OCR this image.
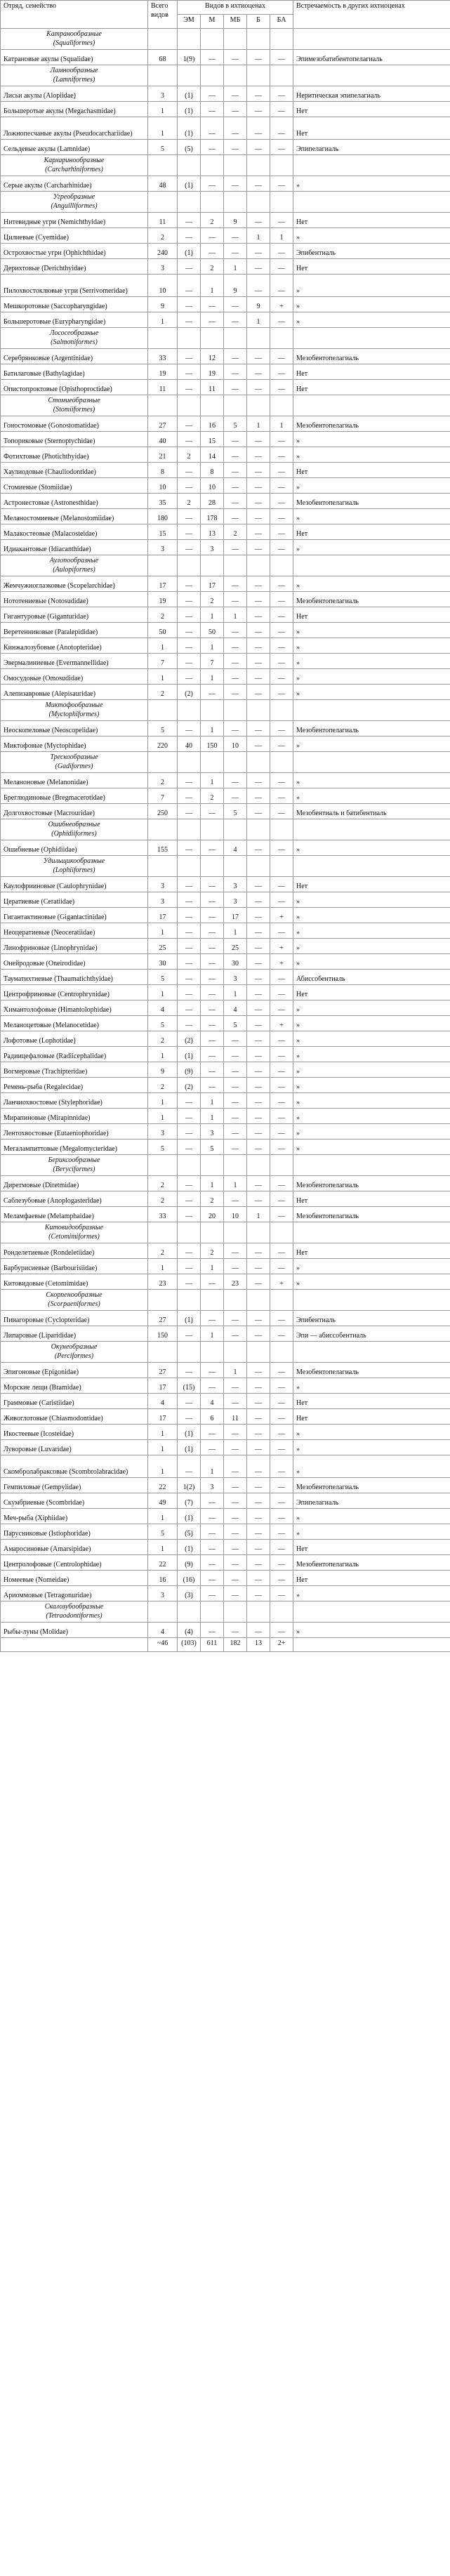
Отряд, семейство	Всего видов	Видов в ихтиоценах					Встречаемость в других ихтиоценах
		ЭМ	М	МБ	Б	БА	

Катранообразные
(Squaliformes)							

Катрановые акулы (Squalidae)	68	1(9)	—	—	—	—	Эпимезобатибентопелагиаль

Ламнообразные
(Lamniformes)							

Лисьи акулы (Alopiidae)	3	(1)	—	—	—	—	Неритическая эпипелагиаль
Большеротые акулы (Megachasmidae)	1	(1)	—	—	—	—	Нет
Ложнопесчаные акулы (Pseudocarchariidae)	1	(1)	—	—	—	—	Нет
Сельдевые акулы (Lamnidae)	5	(5)	—	—	—	—	Эпипелагиаль

Кархаринообразные
(Carcharhiniformes)							

Серые акулы (Carcharhinidae)	48	(1)	—	—	—	—	»

Угреобразные
(Anguilliformes)							

Нитевидные угри (Nemichthyidae)	11	—	2	9	—	—	Нет
Цилиевые (Cyemidae)	2	—	—	—	1	1	»
Острохвостые угри (Ophichthidae)	240	(1)	—	—	—	—	Эпибентиаль
Дерихтовые (Derichthyidae)	3	—	2	1	—	—	Нет
Пилохвостоклювые угри (Serrivomeridae)	10	—	1	9	—	—	»
Мешкоротовые (Saccopharyngidae)	9	—	—	—	9	+	»
Большеротовые (Eurypharyngidae)	1	—	—	—	1	—	»

Лососеобразные
(Salmoniformes)							

Серебрянковые (Argentinidae)	33	—	12	—	—	—	Мезобентопелагиаль
Батилаговые (Bathylagidae)	19	—	19	—	—	—	Нет
Опистопроктовые (Opisthoproctidae)	11	—	11	—	—	—	Нет

Стомиеобразные
(Stomiiformes)							

Гоностомовые (Gonostomatidae)	27	—	16	5	1	1	Мезобентопелагиаль
Топориковые (Sternoptychidae)	40	—	15	—	—	—	»
Фотихтовые (Photichthyidae)	21	2	14	—	—	—	»
Хаулиодовые (Chauliodontidae)	8	—	8	—	—	—	Нет
Стомиевые (Stomiidae)	10	—	10	—	—	—	»
Астронестовые (Astronesthidae)	35	2	28	—	—	—	Мезобентопелагиаль
Меланостомиевые (Melanostomiidae)	180	—	178	—	—	—	»
Малакостеовые (Malacosteidae)	15	—	13	2	—	—	Нет
Идиакантовые (Idiacanthidae)	3	—	3	—	—	—	»

Аулопообразные
(Aulopiformes)							

Жемчужноглазковые (Scopelarchidae)	17	—	17	—	—	—	»
Нототениевые (Notosudidae)	19	—	2	—	—	—	Мезобентопелагиаль
Гигантуровые (Giganturidae)	2	—	1	1	—	—	Нет
Веретенниковые (Paralepididae)	50	—	50	—	—	—	»
Кинжалозубовые (Anotopteridae)	1	—	1	—	—	—	»
Эвермалиниевые (Evermannellidae)	7	—	7	—	—	—	»
Омосудовые (Omosudidae)	1	—	1	—	—	—	»
Алепизавровые (Alepisauridae)	2	(2)	—	—	—	—	»

Миктофообразные
(Myctophiformes)							

Неоскопеловые (Neoscopelidae)	5	—	1	—	—	—	Мезобентопелагиаль
Миктофовые (Myctophidae)	220	40	150	10	—	—	»

Трескообразные
(Gadiformes)							

Меланоновые (Melanonidae)	2	—	1	—	—	—	»
Бреглюдиновые (Bregmacerotidae)	7	—	2	—	—	—	»
Долгохвостовые (Macrouridae)	250	—	—	5	—	—	Мезобентиаль и батибентиаль

Ошибнеобразные
(Ophidiiformes)							

Ошибневые (Ophidiidae)	155	—	—	4	—	—	»

Удильщикообразные
(Lophiiformes)							

Каулофрииновые (Caulophrynidae)	3	—	—	3	—	—	Нет
Цератиевые (Ceratiidae)	3	—	—	3	—	—	»
Гигантактиновые (Gigantactinidae)	17	—	—	17	—	+	»
Неоцератиевые (Neoceratiidae)	1	—	—	1	—	—	»
Линофриновые (Linophrynidae)	25	—	—	25	—	+	»
Онейродовые (Oneirodidae)	30	—	—	30	—	+	»
Тауматихтиевые (Thaumatichthyidae)	5	—	—	3	—	—	Абиссобентиаль
Центрофриновые (Centrophrynidae)	1	—	—	1	—	—	Нет
Химантолофовые (Himantolophidae)	4	—	—	4	—	—	»
Меланоцетовые (Melanocetidae)	5	—	—	5	—	+	»
Лофотовые (Lophotidae)	2	(2)	—	—	—	—	»
Радиицефаловые (Radiicephalidae)	1	(1)	—	—	—	—	»
Вогмеровые (Trachipteridae)	9	(9)	—	—	—	—	»
Ремень-рыба (Regalecidae)	2	(2)	—	—	—	—	»
Ланчиохвостовые (Stylephoridae)	1	—	1	—	—	—	»
Мирапиновые (Mirapinnidae)	1	—	1	—	—	—	»
Лентохвостовые (Eutaeniophoridae)	3	—	3	—	—	—	»
Мегалампиттовые (Megalomycteridae)	5	—	5	—	—	—	»

Бериксообразные
(Beryciformes)							

Диретмовые (Diretmidae)	2	—	1	1	—	—	Мезобентопелагиаль
Саблезубовые (Anoplogasteridae)	2	—	2	—	—	—	Нет
Меламфаевые (Melamphaidae)	33	—	20	10	1	—	Мезобентопелагиаль

Китовидообразные
(Cetomimiformes)							

Ронделетиевые (Rondeletiidae)	2	—	2	—	—	—	Нет
Барбурисиевые (Barbourisiidae)	1	—	1	—	—	—	»
Китовидовые (Cetomimidae)	23	—	—	23	—	+	»

Скорпенообразные
(Scorpaeniformes)							

Пинагоровые (Cyclopteridae)	27	(1)	—	—	—	—	Эпибентиаль
Липаровые (Liparididae)	150	—	1	—	—	—	Эпи — абиссобентиаль

Окунеобразные
(Perciformes)							

Эпигоновые (Epigonidae)	27	—	—	1	—	—	Мезобентопелагиаль
Морские лещи (Bramidae)	17	(15)	—	—	—	—	»
Граммовые (Caristiidae)	4	—	4	—	—	—	Нет
Живоглотовые (Chiasmodontidae)	17	—	6	11	—	—	Нет
Икостеевые (Icosteidae)	1	(1)	—	—	—	—	»
Луворовые (Luvaridae)	1	(1)	—	—	—	—	»
Скомбролабраксовые (Scombrolabracidae)	1	—	1	—	—	—	»
Гемпиловые (Gempylidae)	22	1(2)	3	—	—	—	Мезобентопелагиаль
Скумбриевые (Scombridae)	49	(7)	—	—	—	—	Эпипелагиаль
Меч-рыба (Xiphiidae)	1	(1)	—	—	—	—	»
Парусниковые (Istiophoridae)	5	(5)	—	—	—	—	»
Амаросиновые (Amarsipidae)	1	(1)	—	—	—	—	Нет
Центролофовые (Centrolophidae)	22	(9)	—	—	—	—	Мезобентопелагиаль
Номеевые (Nomeidae)	16	(16)	—	—	—	—	Нет
Ариоммовые (Tetragonuridae)	3	(3)	—	—	—	—	»

Скалозубообразные
(Tetraodontiformes)							

Рыбы-луны (Molidae)	4	(4)	—	—	—	—	»
	~46	(103)	611	182	13	2+	
